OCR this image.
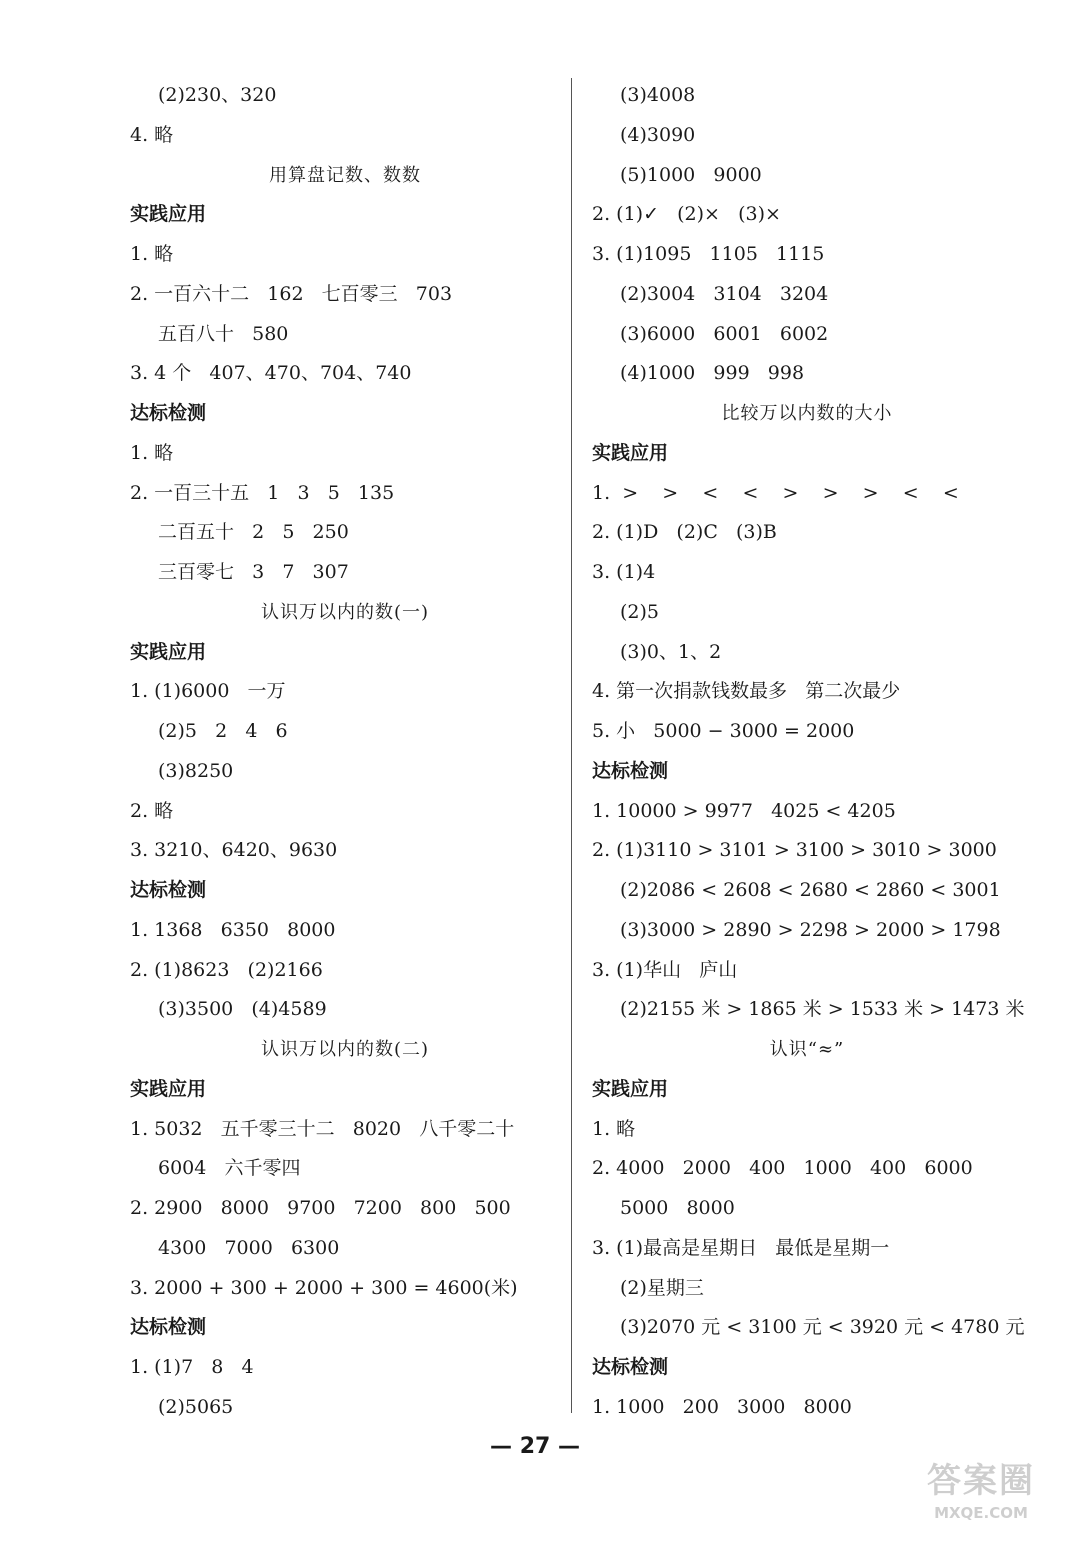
(2)230、320
4. 略
用算盘记数、数数
实践应用
1. 略
2. 一百六十二   162   七百零三   703
五百八十   580
3. 4 个   407、470、704、740
达标检测
1. 略
2. 一百三十五   1   3   5   135
二百五十   2   5   250
三百零七   3   7   307
认识万以内的数(一)
实践应用
1. (1)6000   一万
(2)5   2   4   6
(3)8250
2. 略
3. 3210、6420、9630
达标检测
1. 1368   6350   8000
2. (1)8623   (2)2166
(3)3500   (4)4589
认识万以内的数(二)
实践应用
1. 5032   五千零三十二   8020   八千零二十
6004   六千零四
2. 2900   8000   9700   7200   800   500
4300   7000   6300
3. 2000 + 300 + 2000 + 300 = 4600(米)
达标检测
1. (1)7   8   4
(2)5065
(3)4008
(4)3090
(5)1000   9000
2. (1)✓   (2)×   (3)×
3. (1)1095   1105   1115
(2)3004   3104   3204
(3)6000   6001   6002
(4)1000   999   998
比较万以内数的大小
实践应用
1.  >    >    <    <    >    >    >    <    <
2. (1)D   (2)C   (3)B
3. (1)4
(2)5
(3)0、1、2
4. 第一次捐款钱数最多   第二次最少
5. 小   5000 − 3000 = 2000
达标检测
1. 10000 > 9977   4025 < 4205
2. (1)3110 > 3101 > 3100 > 3010 > 3000
(2)2086 < 2608 < 2680 < 2860 < 3001
(3)3000 > 2890 > 2298 > 2000 > 1798
3. (1)华山   庐山
(2)2155 米 > 1865 米 > 1533 米 > 1473 米
认识“≈”
实践应用
1. 略
2. 4000   2000   400   1000   400   6000
5000   8000
3. (1)最高是星期日   最低是星期一
(2)星期三
(3)2070 元 < 3100 元 < 3920 元 < 4780 元
达标检测
1. 1000   200   3000   8000
— 27 —
答案圈
MXQE.COM
